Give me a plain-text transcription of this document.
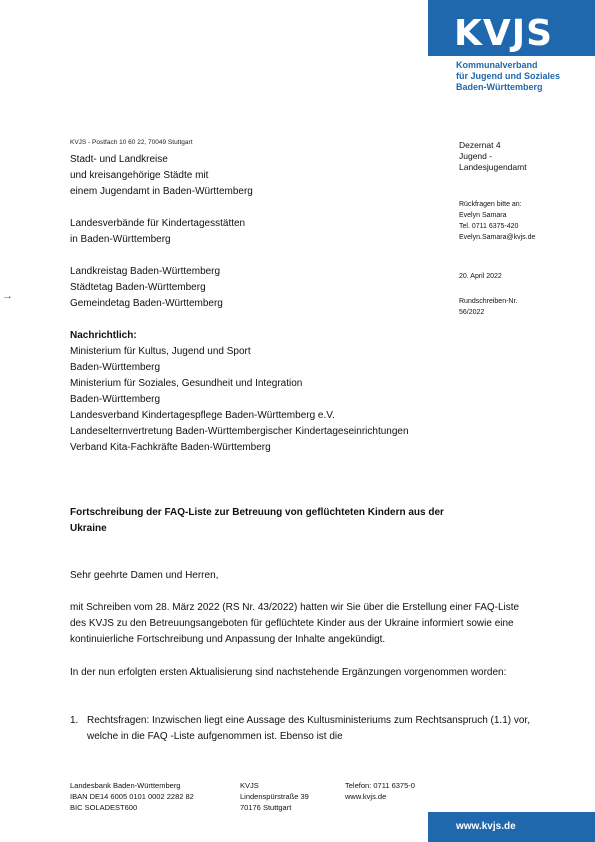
KVJS
Kommunalverband
für Jugend und Soziales
Baden-Württemberg
KVJS - Postfach 10 60 22, 70049 Stuttgart
Stadt- und Landkreise
und kreisangehörige Städte mit
einem Jugendamt in Baden-Württemberg
Landesverbände für Kindertagesstätten
in Baden-Württemberg
Landkreistag Baden-Württemberg
Städtetag Baden-Württemberg
Gemeindetag Baden-Württemberg
→
Nachrichtlich:
Ministerium für Kultus, Jugend und Sport
Baden-Württemberg
Ministerium für Soziales, Gesundheit und Integration
Baden-Württemberg
Landesverband Kindertagespflege Baden-Württemberg e.V.
Landeselternvertretung Baden-Württembergischer Kindertageseinrichtungen
Verband Kita-Fachkräfte Baden-Württemberg
Dezernat 4
Jugend -
Landesjugendamt
Rückfragen bitte an:
Evelyn Samara
Tel. 0711 6375-420
Evelyn.Samara@kvjs.de
20. April 2022
Rundschreiben-Nr.
56/2022
Fortschreibung der FAQ-Liste zur Betreuung von geflüchteten Kindern aus der Ukraine
Sehr geehrte Damen und Herren,
mit Schreiben vom 28. März 2022 (RS Nr. 43/2022) hatten wir Sie über die Erstellung einer FAQ-Liste des KVJS zu den Betreuungsangeboten für geflüchtete Kinder aus der Ukraine informiert sowie eine kontinuierliche Fortschreibung und Anpassung der Inhalte angekündigt.
In der nun erfolgten ersten Aktualisierung sind nachstehende Ergänzungen vorgenommen worden:
1. Rechtsfragen: Inzwischen liegt eine Aussage des Kultusministeriums zum Rechtsanspruch (1.1) vor, welche in die FAQ -Liste aufgenommen ist. Ebenso ist die
Landesbank Baden-Württemberg
IBAN DE14 6005 0101 0002 2282 82
BIC SOLADEST600
KVJS
Lindenspürstraße 39
70176 Stuttgart
Telefon: 0711 6375-0
www.kvjs.de
www.kvjs.de
